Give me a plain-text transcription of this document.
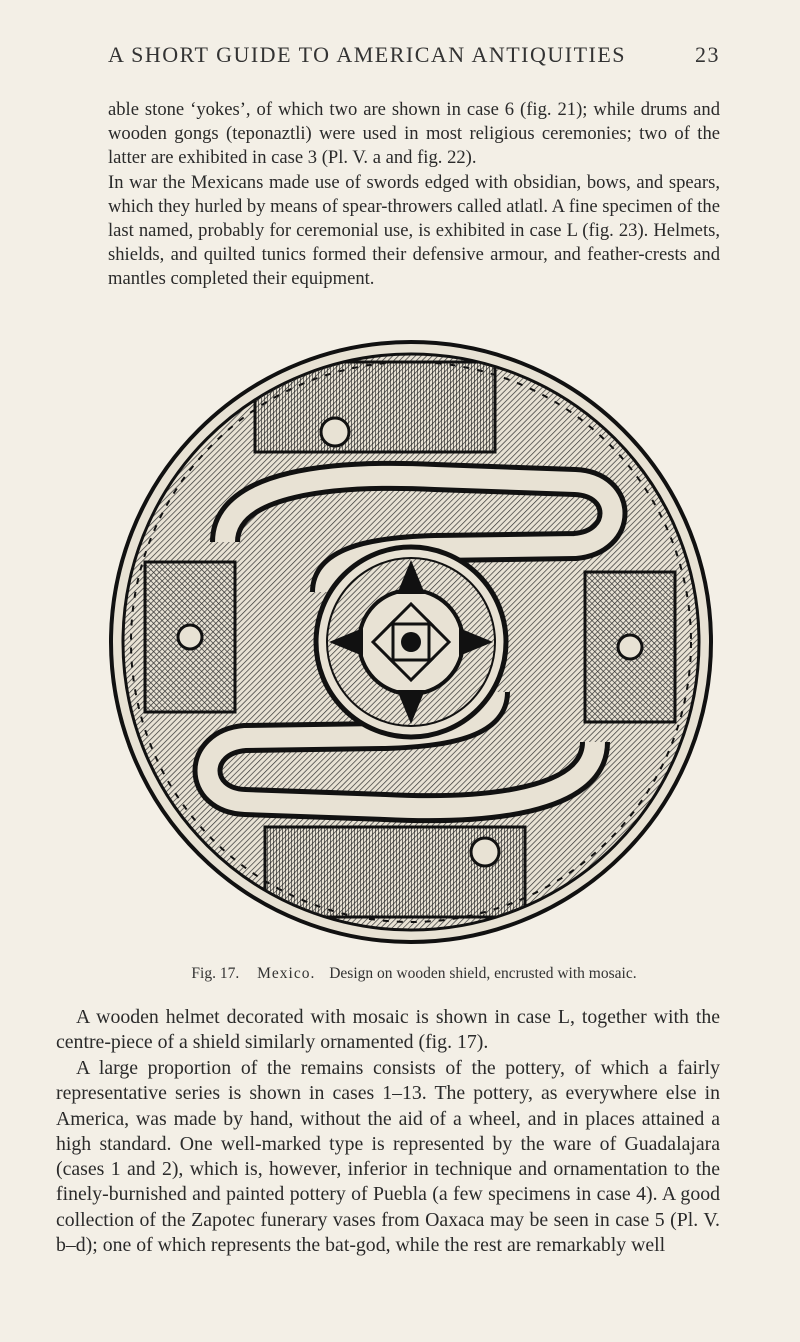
A SHORT GUIDE TO AMERICAN ANTIQUITIES	23

able stone ‘yokes’, of which two are shown in case 6 (fig. 21); while drums and wooden gongs (teponaztli) were used in most religious ceremonies; two of the latter are exhibited in case 3 (Pl. V. a and fig. 22).

In war the Mexicans made use of swords edged with obsidian, bows, and spears, which they hurled by means of spear-throwers called atlatl. A fine specimen of the last named, probably for ceremonial use, is exhibited in case L (fig. 23). Helmets, shields, and quilted tunics formed their defensive armour, and feather-crests and mantles completed their equipment.

Fig. 17. Mexico. Design on wooden shield, encrusted with mosaic.

A wooden helmet decorated with mosaic is shown in case L, together with the centre-piece of a shield similarly ornamented (fig. 17).

A large proportion of the remains consists of the pottery, of which a fairly representative series is shown in cases 1–13. The pottery, as everywhere else in America, was made by hand, without the aid of a wheel, and in places attained a high standard. One well-marked type is represented by the ware of Guadalajara (cases 1 and 2), which is, however, inferior in technique and ornamentation to the finely-burnished and painted pottery of Puebla (a few specimens in case 4). A good collection of the Zapotec funerary vases from Oaxaca may be seen in case 5 (Pl. V. b–d); one of which represents the bat-god, while the rest are remarkably well
